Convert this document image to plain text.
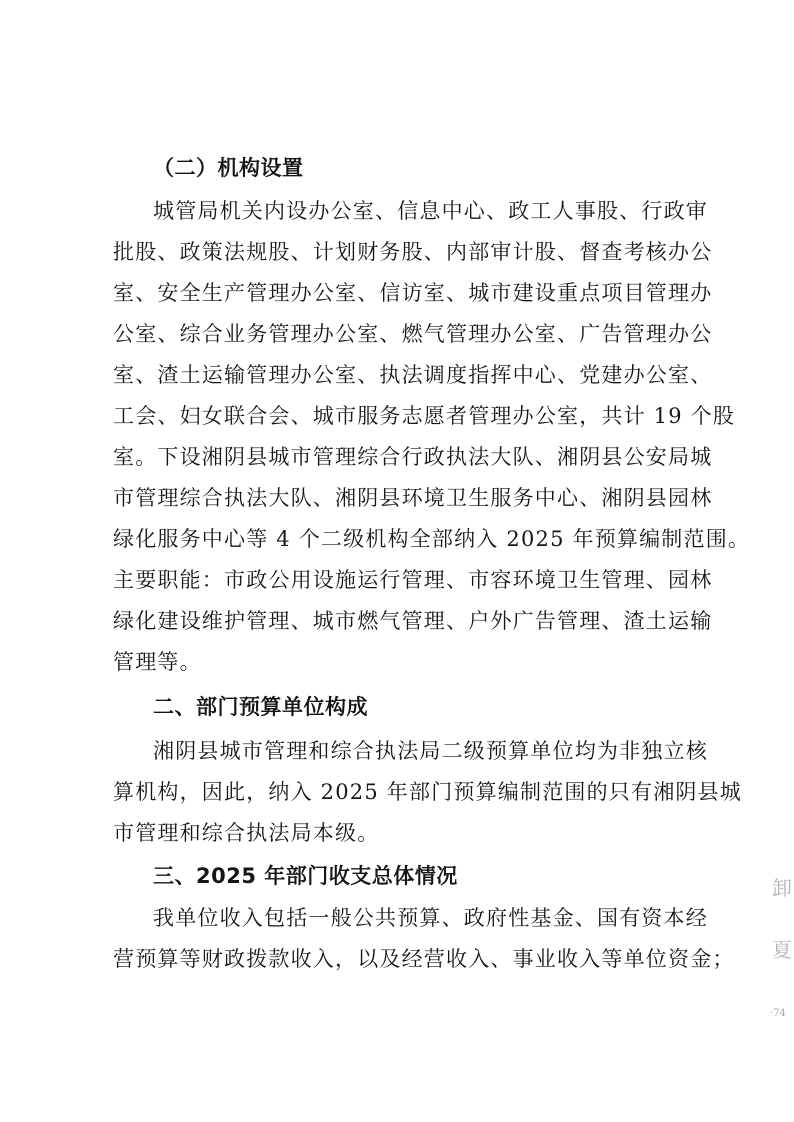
（二）机构设置
城管局机关内设办公室、信息中心、政工人事股、行政审
批股、政策法规股、计划财务股、内部审计股、督查考核办公
室、安全生产管理办公室、信访室、城市建设重点项目管理办
公室、综合业务管理办公室、燃气管理办公室、广告管理办公
室、渣土运输管理办公室、执法调度指挥中心、党建办公室、
工会、妇女联合会、城市服务志愿者管理办公室，共计 19 个股
室。下设湘阴县城市管理综合行政执法大队、湘阴县公安局城
市管理综合执法大队、湘阴县环境卫生服务中心、湘阴县园林
绿化服务中心等 4 个二级机构全部纳入 2025 年预算编制范围。
主要职能：市政公用设施运行管理、市容环境卫生管理、园林
绿化建设维护管理、城市燃气管理、户外广告管理、渣土运输
管理等。
二、部门预算单位构成
湘阴县城市管理和综合执法局二级预算单位均为非独立核
算机构，因此，纳入 2025 年部门预算编制范围的只有湘阴县城
市管理和综合执法局本级。
三、2025 年部门收支总体情况
我单位收入包括一般公共预算、政府性基金、国有资本经
营预算等财政拨款收入，以及经营收入、事业收入等单位资金；
卸
夏
·74
